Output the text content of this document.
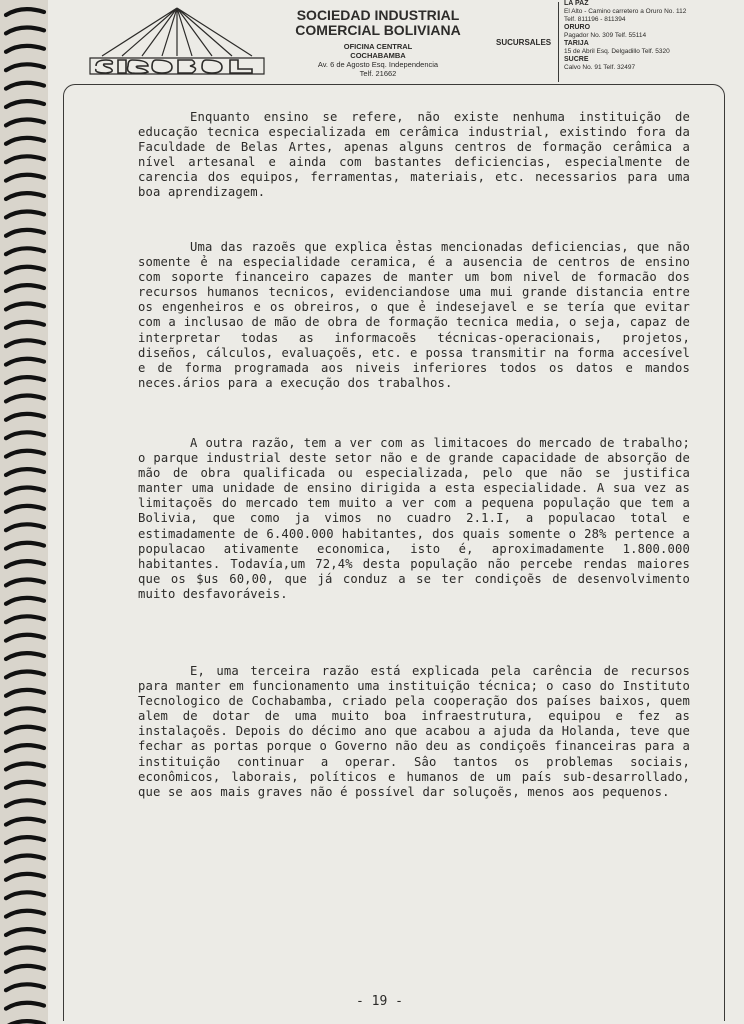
SOCIEDAD INDUSTRIAL COMERCIAL BOLIVIANA
OFICINA CENTRAL
COCHABAMBA
Av. 6 de Agosto Esq. Independencia
Telf. 21662
SUCURSALES
LA PAZ
El Alto - Camino carretero a Oruro No. 112
Telf. 811196 - 811394
ORURO
Pagador No. 309 Telf. 55114
TARIJA
15 de Abril Esq. Delgadillo Telf. 5320
SUCRE
Calvo No. 91 Telf. 32497
Enquanto ensino se refere, não existe nenhuma instituição de educação tecnica especializada em cerâmica industrial, existindo fora da Faculdade de Belas Artes, apenas alguns centros de formação cerâmica a nível artesanal e ainda com bastantes deficiencias, especialmente de carencia dos equipos, ferramentas, materiais, etc. necessarios para uma boa aprendizagem.
Uma das razoẽs que explica ẻstas mencionadas deficiencias, que não somente ẻ na especialidade ceramica, é a ausencia de centros de ensino com soporte financeiro capazes de manter um bom nivel de formacão dos recursos humanos tecnicos, evidenciandose uma mui grande distancia entre os engenheiros e os obreiros, o que ẻ indesejavel e se tería que evitar com a inclusao de mão de obra de formação tecnica media, o seja, capaz de interpretar todas as informacoẽs técnicas-operacionais, projetos, diseños, cálculos, evaluaçoẽs, etc. e possa transmitir na forma accesível e de forma programada aos niveis inferiores todos os datos e mandos neces.ários para a execução dos trabalhos.
A outra razão, tem a ver com as limitacoes do mercado de trabalho; o parque industrial deste setor não e de grande capacidade de absorção de mão de obra qualificada ou especializada, pelo que não se justifica manter uma unidade de ensino dirigida a esta especialidade. A sua vez as limitaçoẽs do mercado tem muito a ver com a pequena população que tem a Bolivia, que como ja vimos no cuadro 2.1.I, a populacao total e estimadamente de 6.400.000 habitantes, dos quais somente o 28% pertence a populacao ativamente economica, isto é, aproximadamente 1.800.000 habitantes. Todavía,um 72,4% desta população não percebe rendas maiores que os $us 60,00, que já conduz a se ter condiçoẽs de desenvolvimento muito desfavoráveis.
E, uma terceira razão está explicada pela carência de recursos para manter em funcionamento uma instituição técnica; o caso do Instituto Tecnologico de Cochabamba, criado pela cooperação dos países baixos, quem alem de dotar de uma muito boa infraestrutura, equipou e fez as instalaçoẽs. Depois do décimo ano que acabou a ajuda da Holanda, teve que fechar as portas porque o Governo não deu as condiçoẽs financeiras para a instituição continuar a operar. Sâo tantos os problemas sociais, econômicos, laborais, políticos e humanos de um país sub-desarrollado, que se aos mais graves não é possível dar soluçoẽs, menos aos pequenos.
- 19 -
